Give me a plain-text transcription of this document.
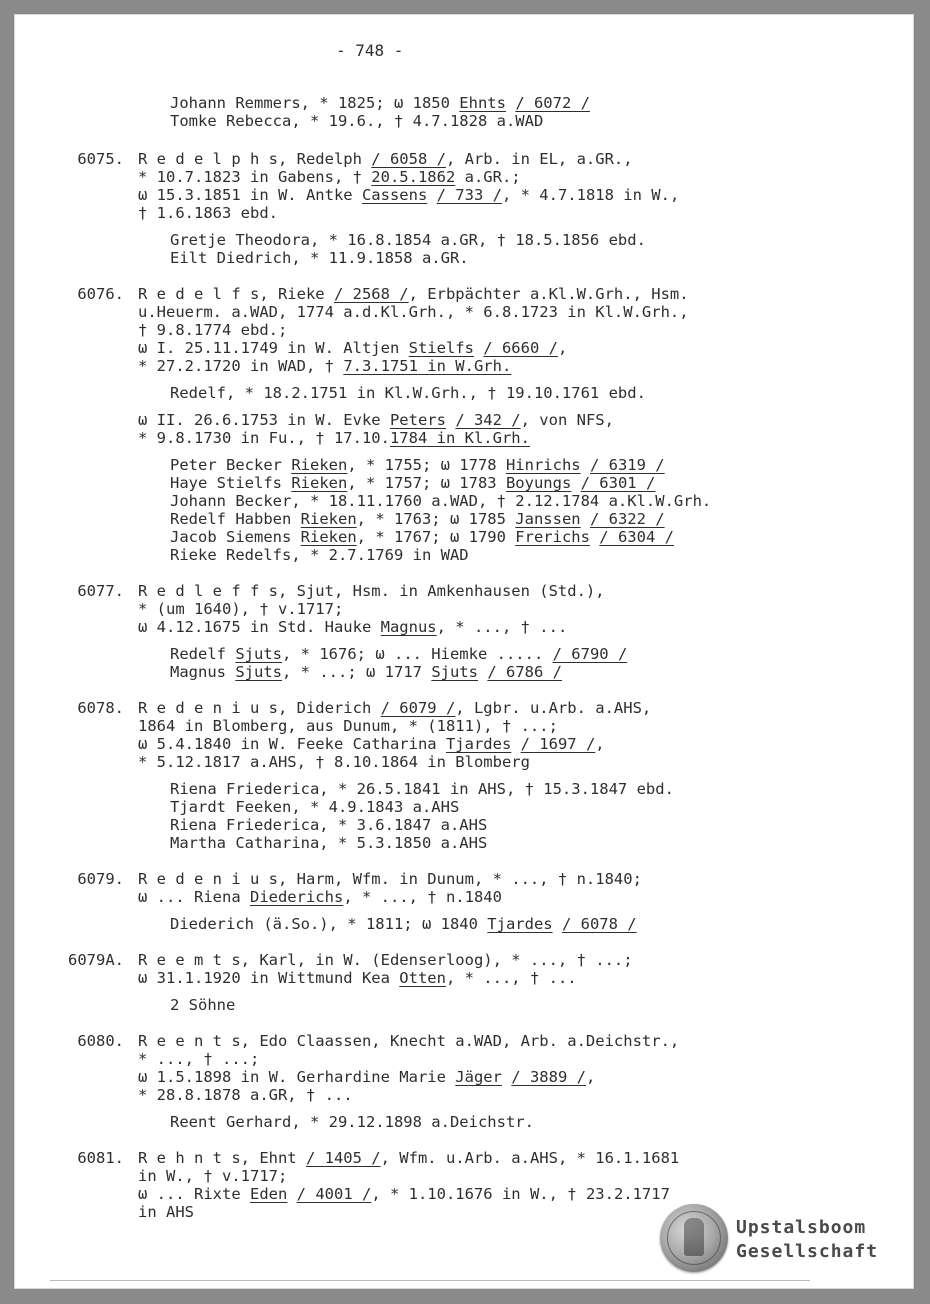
- 748 -
Johann Remmers, * 1825; ω 1850 Ehnts / 6072 /
Tomke Rebecca, * 19.6., † 4.7.1828 a.WAD
6075. R e d e l p h s, Redelph / 6058 /, Arb. in EL, a.GR.,
* 10.7.1823 in Gabens, † 20.5.1862 a.GR.;
ω 15.3.1851 in W. Antke Cassens / 733 /, * 4.7.1818 in W.,
† 1.6.1863 ebd.
Gretje Theodora, * 16.8.1854 a.GR, † 18.5.1856 ebd.
Eilt Diedrich, * 11.9.1858 a.GR.
6076. R e d e l f s, Rieke / 2568 /, Erbpächter a.Kl.W.Grh., Hsm.
u.Heuerm. a.WAD, 1774 a.d.Kl.Grh., * 6.8.1723 in Kl.W.Grh.,
† 9.8.1774 ebd.;
ω I. 25.11.1749 in W. Altjen Stielfs / 6660 /,
* 27.2.1720 in WAD, † 7.3.1751 in W.Grh.
Redelf, * 18.2.1751 in Kl.W.Grh., † 19.10.1761 ebd.
ω II. 26.6.1753 in W. Evke Peters / 342 /, von NFS,
* 9.8.1730 in Fu., † 17.10.1784 in Kl.Grh.
Peter Becker Rieken, * 1755; ω 1778 Hinrichs / 6319 /
Haye Stielfs Rieken, * 1757; ω 1783 Boyungs / 6301 /
Johann Becker, * 18.11.1760 a.WAD, † 2.12.1784 a.Kl.W.Grh.
Redelf Habben Rieken, * 1763; ω 1785 Janssen / 6322 /
Jacob Siemens Rieken, * 1767; ω 1790 Frerichs / 6304 /
Rieke Redelfs, * 2.7.1769 in WAD
6077. R e d l e f f s, Sjut, Hsm. in Amkenhausen (Std.),
* (um 1640), † v.1717;
ω 4.12.1675 in Std. Hauke Magnus, * ..., † ...
Redelf Sjuts, * 1676; ω ... Hiemke ..... / 6790 /
Magnus Sjuts, * ...; ω 1717 Sjuts / 6786 /
6078. R e d e n i u s, Diderich / 6079 /, Lgbr. u.Arb. a.AHS,
1864 in Blomberg, aus Dunum, * (1811), † ...;
ω 5.4.1840 in W. Feeke Catharina Tjardes / 1697 /,
* 5.12.1817 a.AHS, † 8.10.1864 in Blomberg
Riena Friederica, * 26.5.1841 in AHS, † 15.3.1847 ebd.
Tjardt Feeken, * 4.9.1843 a.AHS
Riena Friederica, * 3.6.1847 a.AHS
Martha Catharina, * 5.3.1850 a.AHS
6079. R e d e n i u s, Harm, Wfm. in Dunum, * ..., † n.1840;
ω ... Riena Diederichs, * ..., † n.1840
Diederich (ä.So.), * 1811; ω 1840 Tjardes / 6078 /
6079A. R e e m t s, Karl, in W. (Edenserloog), * ..., † ...;
ω 31.1.1920 in Wittmund Kea Otten, * ..., † ...
2 Söhne
6080. R e e n t s, Edo Claassen, Knecht a.WAD, Arb. a.Deichstr.,
* ..., † ...;
ω 1.5.1898 in W. Gerhardine Marie Jäger / 3889 /,
* 28.8.1878 a.GR, † ...
Reent Gerhard, * 29.12.1898 a.Deichstr.
6081. R e h n t s, Ehnt / 1405 /, Wfm. u.Arb. a.AHS, * 16.1.1681
in W., † v.1717;
ω ... Rixte Eden / 4001 /, * 1.10.1676 in W., † 23.2.1717
in AHS
Upstalsboom
Gesellschaft
